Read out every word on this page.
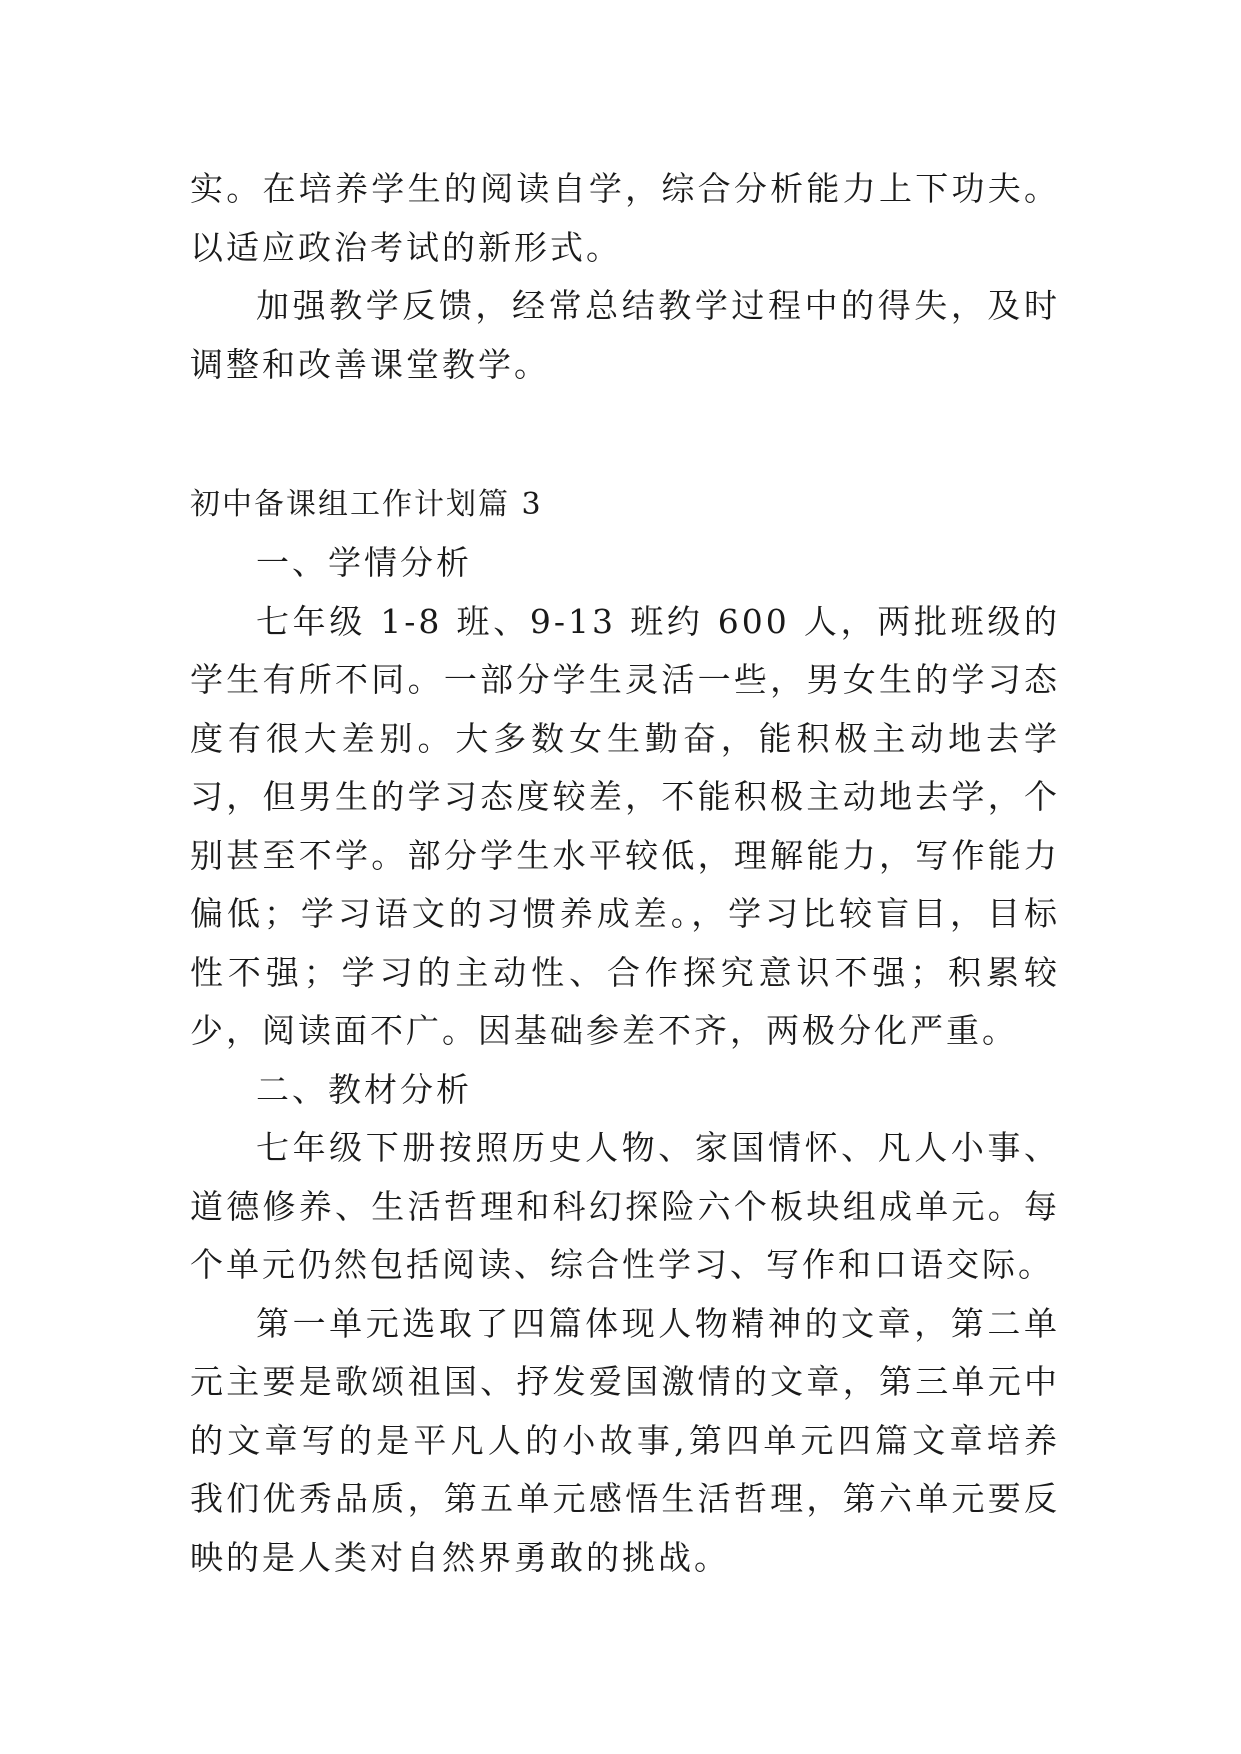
实。在培养学生的阅读自学，综合分析能力上下功夫。以适应政治考试的新形式。

加强教学反馈，经常总结教学过程中的得失，及时调整和改善课堂教学。

初中备课组工作计划篇 3

一、学情分析

七年级 1-8 班、9-13 班约 600 人，两批班级的学生有所不同。一部分学生灵活一些，男女生的学习态度有很大差别。大多数女生勤奋，能积极主动地去学习，但男生的学习态度较差，不能积极主动地去学，个别甚至不学。部分学生水平较低，理解能力，写作能力偏低；学习语文的习惯养成差。，学习比较盲目，目标性不强；学习的主动性、合作探究意识不强；积累较少，阅读面不广。因基础参差不齐，两极分化严重。

二、教材分析

七年级下册按照历史人物、家国情怀、凡人小事、道德修养、生活哲理和科幻探险六个板块组成单元。每个单元仍然包括阅读、综合性学习、写作和口语交际。

第一单元选取了四篇体现人物精神的文章，第二单元主要是歌颂祖国、抒发爱国激情的文章，第三单元中的文章写的是平凡人的小故事,第四单元四篇文章培养我们优秀品质，第五单元感悟生活哲理，第六单元要反映的是人类对自然界勇敢的挑战。
